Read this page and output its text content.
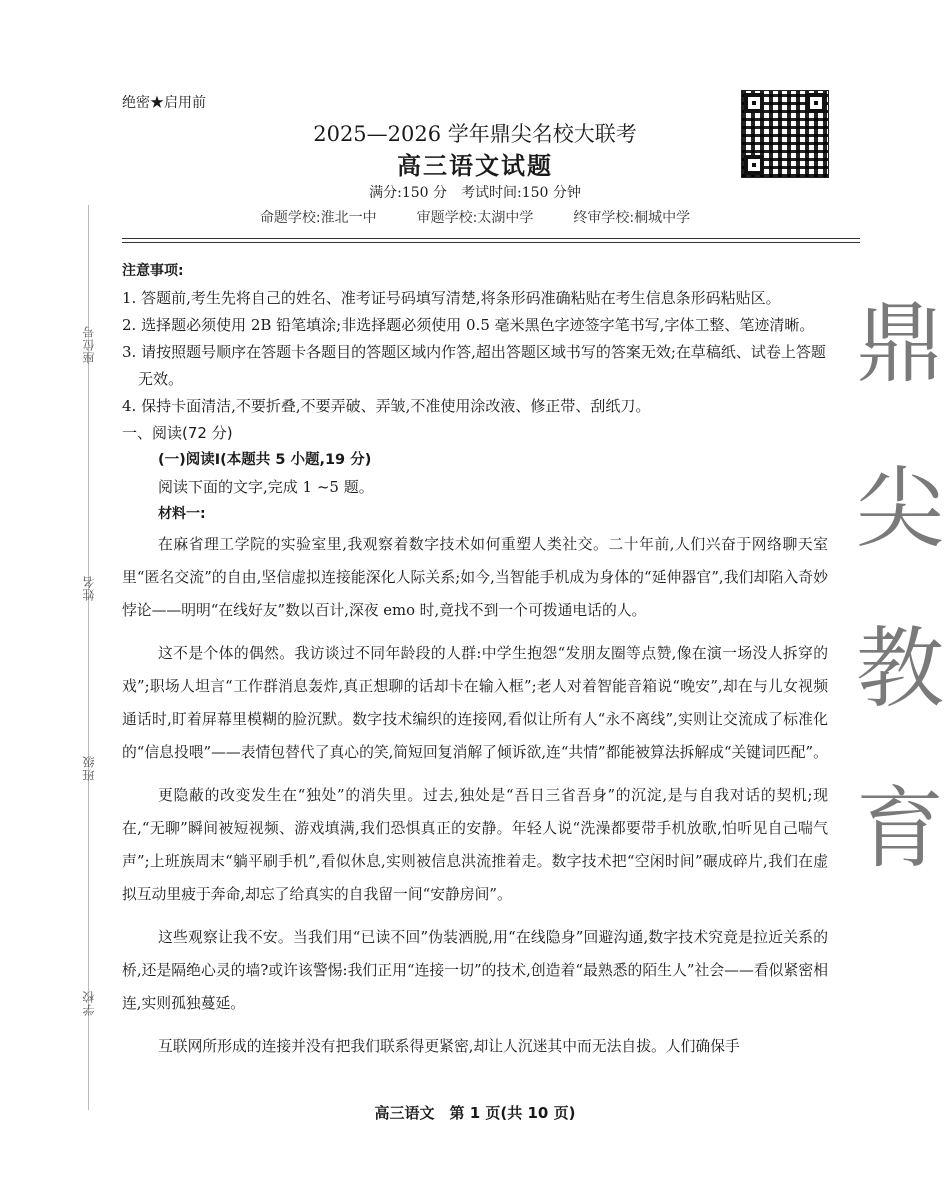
座位号
姓名
班级
学校
绝密★启用前
2025—2026 学年鼎尖名校大联考
高三语文试题
满分:150 分　考试时间:150 分钟
命题学校:淮北一中	审题学校:太湖中学	终审学校:桐城中学
鼎
尖
教
育

注意事项:

1. 答题前,考生先将自己的姓名、准考证号码填写清楚,将条形码准确粘贴在考生信息条形码粘贴区。

2. 选择题必须使用 2B 铅笔填涂;非选择题必须使用 0.5 毫米黑色字迹签字笔书写,字体工整、笔迹清晰。

3. 请按照题号顺序在答题卡各题目的答题区域内作答,超出答题区域书写的答案无效;在草稿纸、试卷上答题无效。

4. 保持卡面清洁,不要折叠,不要弄破、弄皱,不准使用涂改液、修正带、刮纸刀。

一、阅读(72 分)

(一)阅读Ⅰ(本题共 5 小题,19 分)

阅读下面的文字,完成 1 ~5 题。

材料一:

在麻省理工学院的实验室里,我观察着数字技术如何重塑人类社交。二十年前,人们兴奋于网络聊天室里“匿名交流”的自由,坚信虚拟连接能深化人际关系;如今,当智能手机成为身体的“延伸器官”,我们却陷入奇妙悖论——明明“在线好友”数以百计,深夜 emo 时,竟找不到一个可拨通电话的人。

这不是个体的偶然。我访谈过不同年龄段的人群:中学生抱怨“发朋友圈等点赞,像在演一场没人拆穿的戏”;职场人坦言“工作群消息轰炸,真正想聊的话却卡在输入框”;老人对着智能音箱说“晚安”,却在与儿女视频通话时,盯着屏幕里模糊的脸沉默。数字技术编织的连接网,看似让所有人“永不离线”,实则让交流成了标准化的“信息投喂”——表情包替代了真心的笑,简短回复消解了倾诉欲,连“共情”都能被算法拆解成“关键词匹配”。

更隐蔽的改变发生在“独处”的消失里。过去,独处是“吾日三省吾身”的沉淀,是与自我对话的契机;现在,“无聊”瞬间被短视频、游戏填满,我们恐惧真正的安静。年轻人说“洗澡都要带手机放歌,怕听见自己喘气声”;上班族周末“躺平刷手机”,看似休息,实则被信息洪流推着走。数字技术把“空闲时间”碾成碎片,我们在虚拟互动里疲于奔命,却忘了给真实的自我留一间“安静房间”。

这些观察让我不安。当我们用“已读不回”伪装洒脱,用“在线隐身”回避沟通,数字技术究竟是拉近关系的桥,还是隔绝心灵的墙?或许该警惕:我们正用“连接一切”的技术,创造着“最熟悉的陌生人”社会——看似紧密相连,实则孤独蔓延。

互联网所形成的连接并没有把我们联系得更紧密,却让人沉迷其中而无法自拔。人们确保手

高三语文　第 1 页(共 10 页)
